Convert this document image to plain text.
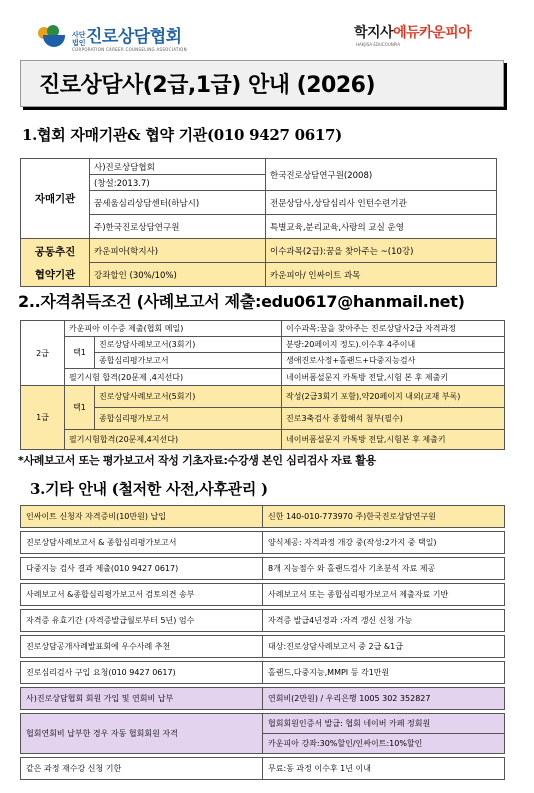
사단법인 진로상담협회
CORPORATION CAREER COUNSELING ASSOCIATION
학지사에듀카운피아
HAKJISA EDUCOUNPIA
진로상담사(2급,1급) 안내 (2026)
1.협회 자매기관& 협약 기관(010 9427 0617)
자매기관	사)진로상담협회	한국진로상담연구원(2008)
	(창설:2013.7)	
	꿈세움심리상담센터(하남시)	전문상담사,상담심리사 인턴수련기관
	주)한국진로상담연구원	특별교육,분리교육,사랑의 교실 운영

공동추진
협약기관	카운피아(학지사)	이수과목(2급):꿈을 찾아주는 ~(10강)
	강좌할인 (30%/10%)	카운피아/ 인싸이트 과목
2..자격취득조건 (사례보고서 제출:edu0617@hanmail.net)
2급	카운피아 이수증 제출(협회 메일)		이수과목:꿈을 찾아주는 진로상담사2급 자격과정
	택1	진로상담사례보고서(3회기)	분량:20페이지 정도).이수후 4주이내
		종합심리평가보고서	생애진로사정+홀랜드+다중지능검사
	필기시험 합격(20문제 ,4지선다)		네이버폼설문지 카톡방 전달,시험 본 후 제출키
1급	택1	진로상담사례보고서(5회기)	작성(2급3회기 포함),약20페이지 내외(교재 부록)
		종합심리평가보고서	진로3축검사 종합해석 첨부(필수)
	필기시험합격(20문제,4지선다)		네이버폼설문지 카톡방 전달,시험본 후 제출키
*사례보고서 또는 평가보고서 작성 기초자료:수강생 본인 심리검사 자료 활용
3.기타 안내 (철저한 사전,사후관리 )
인싸이트 신청자 자격증비(10만원) 납입	신한 140-010-773970 주)한국진로상담연구원

진로상담사례보고서 & 종합심리평가보고서	양식제공: 자격과정 개강 중(작성:2가지 중 택일)

다중지능 검사 결과 제출(010 9427 0617)	8개 지능점수 와 홀랜드검사 기초분석 자료 제공

사례보고서 &종합심리평가보고서 검토의견 송부	사례보고서 또는 종합심리평가보고서 제출자료 기반

자격증 유효기간 (자격증발급월로부터 5년) 엄수	자격증 발급4년경과 :자격 갱신 신청 가능

진로상담공개사례발표회에 우수사례 추천	대상:진로상담사례보고서 중 2급 &1급

진로심리검사 구입 요청(010 9427 0617)	홀랜드,다중지능,MMPI 등 각1만원

사)진로상담협회 회원 가입 및 연회비 납부	연회비(2만원) / 우리은행 1005 302 352827

협회연회비 납부한 경우 자동 협회회원 자격	협회회원인증서 발급: 협회 네이버 카페 정회원
	카운피아 강좌:30%할인/인싸이트:10%할인

같은 과정 재수강 신청 기한	무료:동 과정 이수후 1년 이내
